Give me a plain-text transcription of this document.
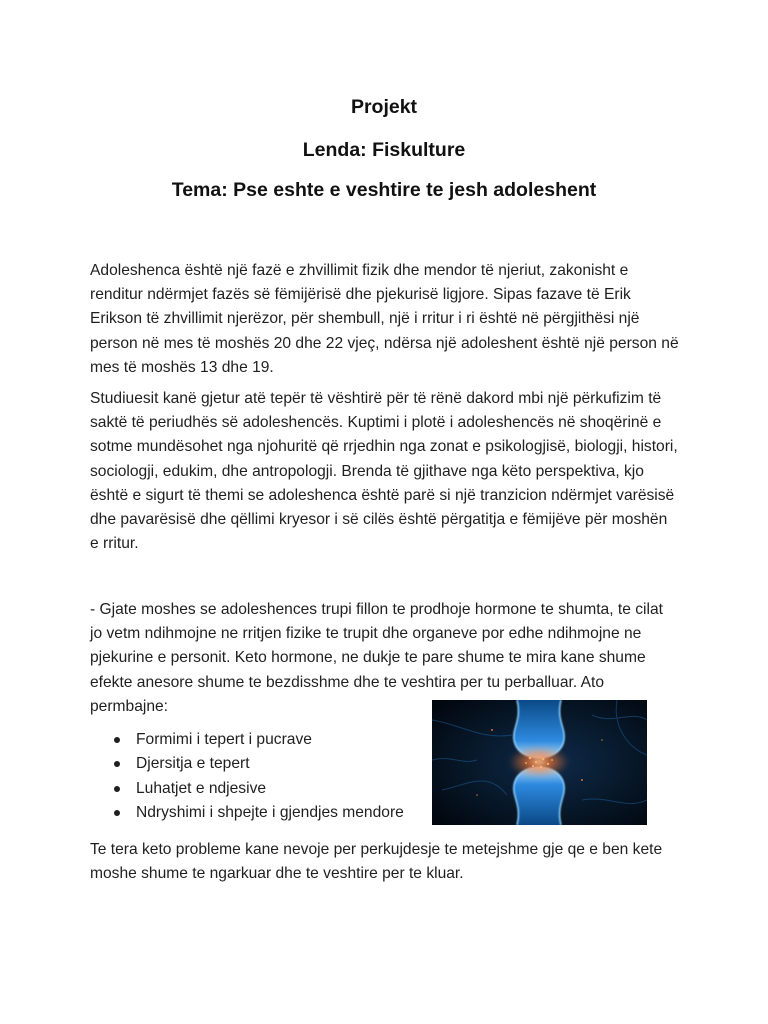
Projekt
Lenda: Fiskulture
Tema: Pse eshte e veshtire te jesh adoleshent

Adoleshenca është një fazë e zhvillimit fizik dhe mendor të njeriut, zakonisht e renditur ndërmjet fazës së fëmijërisë dhe pjekurisë ligjore. Sipas fazave të Erik Erikson të zhvillimit njerëzor, për shembull, një i rritur i ri është në përgjithësi një person në mes të moshës 20 dhe 22 vjeç, ndërsa një adoleshent është një person në mes të moshës 13 dhe 19.

Studiuesit kanë gjetur atë tepër të vështirë për të rënë dakord mbi një përkufizim të saktë të periudhës së adoleshencës. Kuptimi i plotë i adoleshencës në shoqërinë e sotme mundësohet nga njohuritë që rrjedhin nga zonat e psikologjisë, biologji, histori, sociologji, edukim, dhe antropologji. Brenda të gjithave nga këto perspektiva, kjo është e sigurt të themi se adoleshenca është parë si një tranzicion ndërmjet varësisë dhe pavarësisë dhe qëllimi kryesor i së cilës është përgatitja e fëmijëve për moshën e rritur.

- Gjate moshes se adoleshences trupi fillon te prodhoje hormone te shumta, te cilat jo vetm ndihmojne ne rritjen fizike te trupit dhe organeve por edhe ndihmojne ne pjekurine e personit. Keto hormone, ne dukje te pare shume te mira kane shume efekte anesore shume te bezdisshme dhe te veshtira per tu perballuar. Ato permbajne:

Formimi i tepert i pucrave
Djersitja e tepert
Luhatjet e ndjesive
Ndryshimi i shpejte i gjendjes mendore

Te tera keto probleme kane nevoje per perkujdesje te metejshme gje qe e ben kete moshe shume te ngarkuar dhe te veshtire per te kluar.
